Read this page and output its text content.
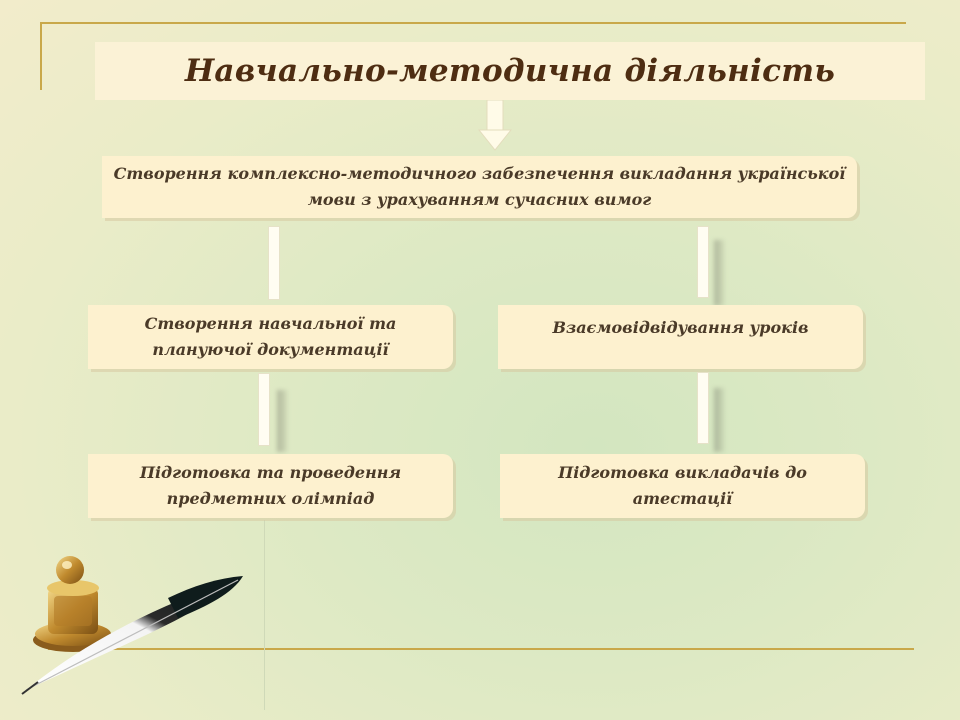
Навчально-методична діяльність
Створення комплексно-методичного забезпечення викладання української
мови з урахуванням сучасних вимог
Створення навчальної та
плануючої документації
Взаємовідвідування уроків
Підготовка та проведення
предметних олімпіад
Підготовка викладачів до
атестації
